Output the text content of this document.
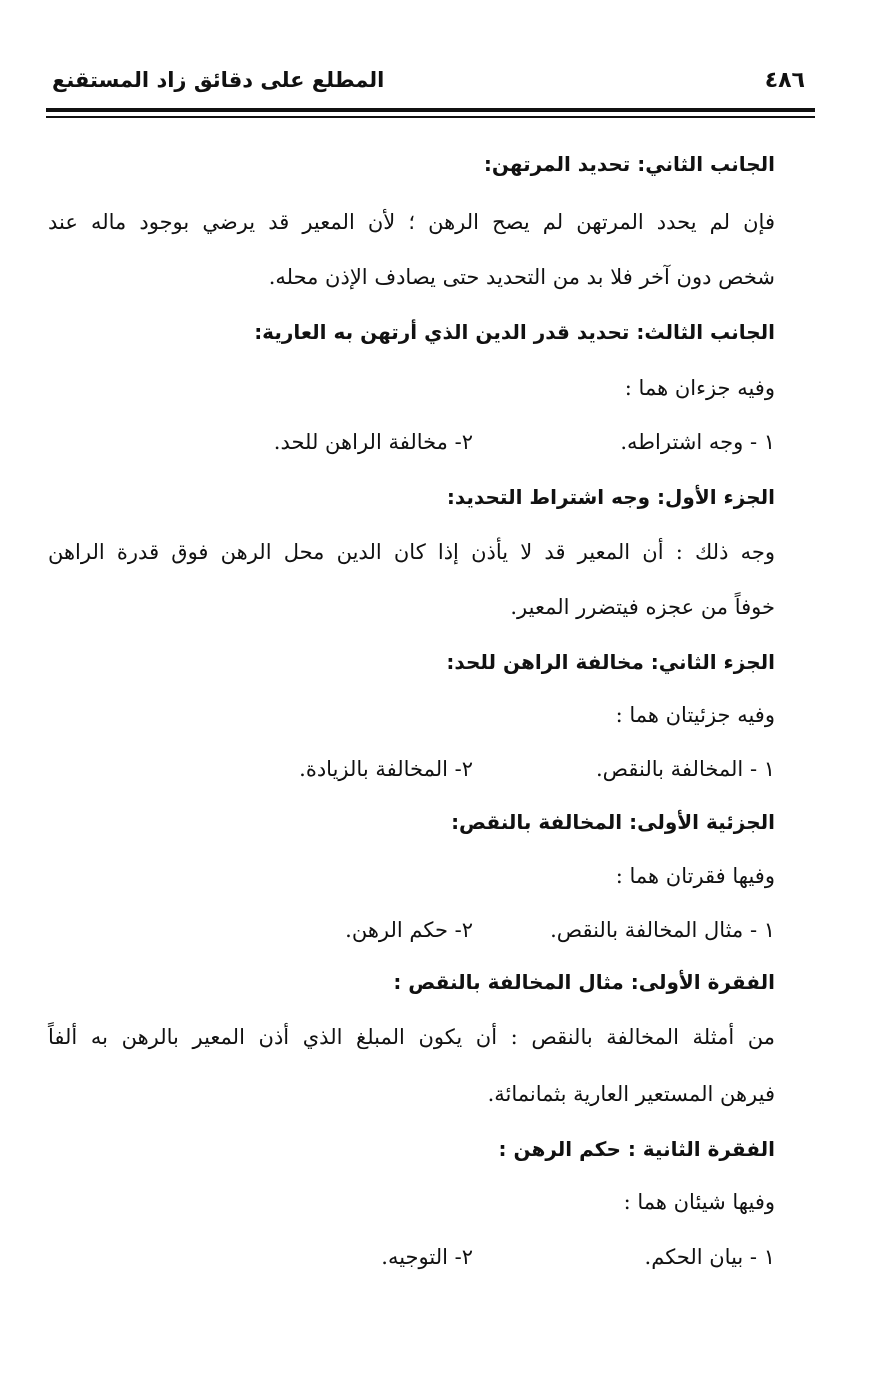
٤٨٦
المطلع على دقائق زاد المستقنع
الجانب الثاني: تحديد المرتهن:
فإن لم يحدد المرتهن لم يصح الرهن ؛ لأن المعير قد يرضي بوجود ماله عند
شخص دون آخر فلا بد من التحديد حتى يصادف الإذن محله.
الجانب الثالث: تحديد قدر الدين الذي أرتهن به العارية:
وفيه جزءان هما :
١ - وجه اشتراطه.
٢- مخالفة الراهن للحد.
الجزء الأول: وجه اشتراط التحديد:
وجه ذلك : أن المعير قد لا يأذن إذا كان الدين محل الرهن فوق قدرة الراهن
خوفاً من عجزه فيتضرر المعير.
الجزء الثاني: مخالفة الراهن للحد:
وفيه جزئيتان هما :
١ - المخالفة بالنقص.
٢- المخالفة بالزيادة.
الجزئية الأولى: المخالفة بالنقص:
وفيها فقرتان هما :
١ - مثال المخالفة بالنقص.
٢- حكم الرهن.
الفقرة الأولى: مثال المخالفة بالنقص :
من أمثلة المخالفة بالنقص : أن يكون المبلغ الذي أذن المعير بالرهن به ألفاً
فيرهن المستعير العارية بثمانمائة.
الفقرة الثانية : حكم الرهن :
وفيها شيئان هما :
١ - بيان الحكم.
٢- التوجيه.
